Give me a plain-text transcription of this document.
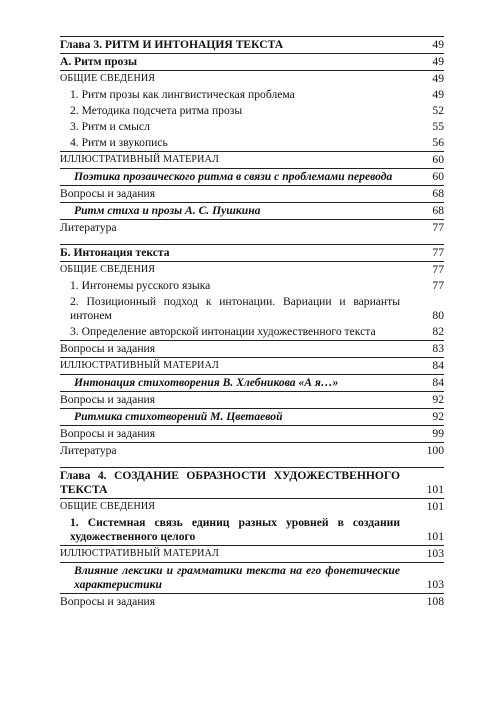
Глава 3. РИТМ И ИНТОНАЦИЯ ТЕКСТА	49
А. Ритм прозы	49
ОБЩИЕ СВЕДЕНИЯ	49
1. Ритм прозы как лингвистическая проблема	49
2. Методика подсчета ритма прозы	52
3. Ритм и смысл	55
4. Ритм и звукопись	56
ИЛЛЮСТРАТИВНЫЙ МАТЕРИАЛ	60
Поэтика прозаического ритма в связи с проблемами перевода	60
Вопросы и задания	68
Ритм стиха и прозы А. С. Пушкина	68
Литература	77

Б. Интонация текста	77
ОБЩИЕ СВЕДЕНИЯ	77
1. Интонемы русского языка	77
2. Позиционный подход к интонации. Вариации и варианты интонем	80
3. Определение авторской интонации художественного текста	82
Вопросы и задания	83
ИЛЛЮСТРАТИВНЫЙ МАТЕРИАЛ	84
Интонация стихотворения В. Хлебникова «А я…»	84
Вопросы и задания	92
Ритмика стихотворений М. Цветаевой	92
Вопросы и задания	99
Литература	100

Глава 4. СОЗДАНИЕ ОБРАЗНОСТИ ХУДОЖЕСТВЕННОГО ТЕКСТА	101
ОБЩИЕ СВЕДЕНИЯ	101
1. Системная связь единиц разных уровней в создании художественного целого	101
ИЛЛЮСТРАТИВНЫЙ МАТЕРИАЛ	103
Влияние лексики и грамматики текста на его фонетические характеристики	103
Вопросы и задания	108
